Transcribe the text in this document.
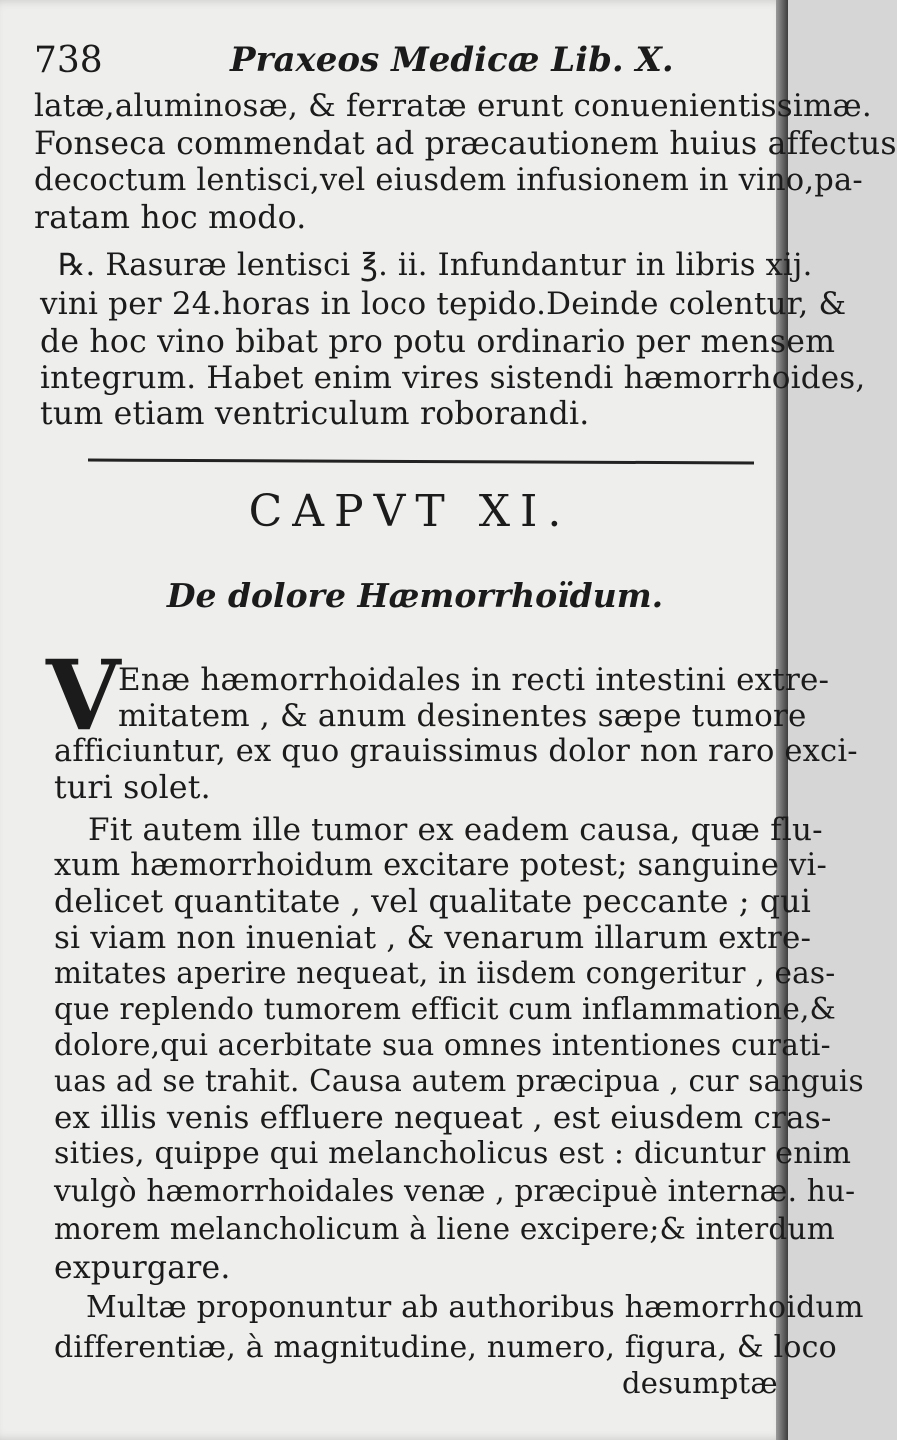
738	Praxeos Medicæ Lib. X.
latæ,aluminosæ, & ferratæ erunt conuenientissimæ.
Fonseca commendat ad præcautionem huius affectus
decoctum lentisci,vel eiusdem infusionem in vino,pa-
ratam hoc modo.
℞. Rasuræ lentisci ℥. ii. Infundantur in libris xij.
vini per 24.horas in loco tepido.Deinde colentur, &
de hoc vino bibat pro potu ordinario per mensem
integrum. Habet enim vires sistendi hæmorrhoides,
tum etiam ventriculum roborandi.
CAPVT XI.
De dolore Hæmorrhoïdum.
V
Enæ hæmorrhoidales in recti intestini extre-
mitatem , & anum desinentes sæpe tumore
afficiuntur, ex quo grauissimus dolor non raro exci-
turi solet.
Fit autem ille tumor ex eadem causa, quæ flu-
xum hæmorrhoidum excitare potest; sanguine vi-
delicet quantitate , vel qualitate peccante ; qui
si viam non inueniat , & venarum illarum extre-
mitates aperire nequeat, in iisdem congeritur , eas-
que replendo tumorem efficit cum inflammatione,&
dolore,qui acerbitate sua omnes intentiones curati-
uas ad se trahit. Causa autem præcipua , cur sanguis
ex illis venis effluere nequeat , est eiusdem cras-
sities, quippe qui melancholicus est : dicuntur enim
vulgò hæmorrhoidales venæ , præcipuè internæ. hu-
morem melancholicum à liene excipere;& interdum
expurgare.
Multæ proponuntur ab authoribus hæmorrhoidum
differentiæ, à magnitudine, numero, figura, & loco
desumptæ
